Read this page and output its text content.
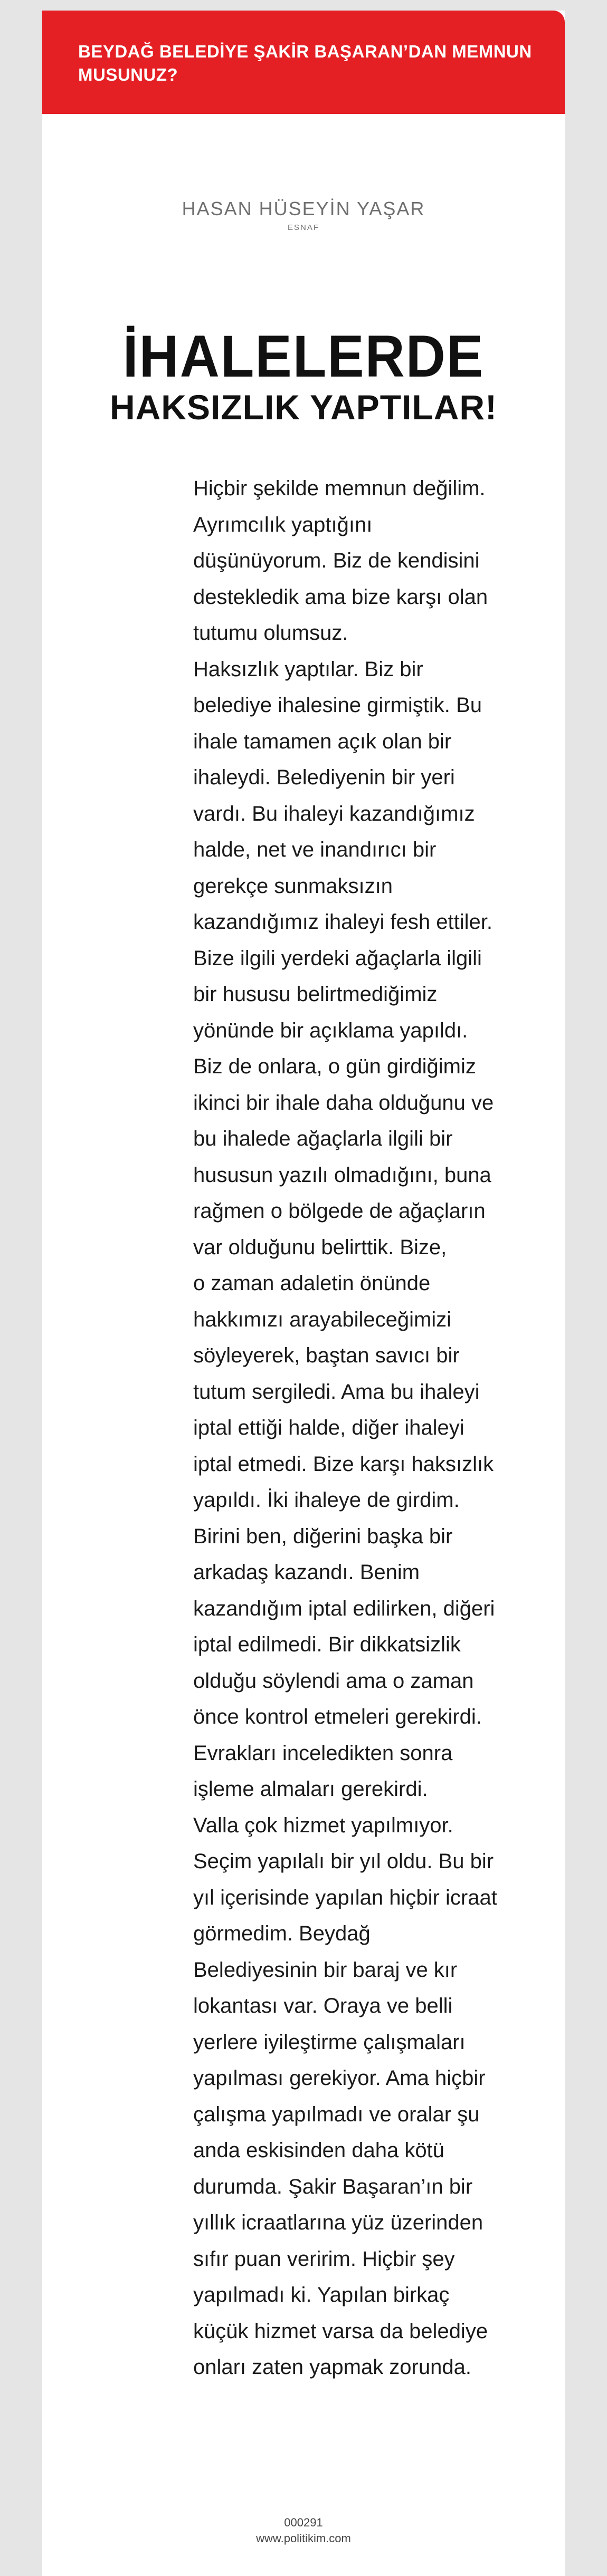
BEYDAĞ BELEDİYE ŞAKİR BAŞARAN’DAN MEMNUN MUSUNUZ?
HASAN HÜSEYİN YAŞAR
ESNAF
İHALELERDE
HAKSIZLIK YAPTILAR!

Hiçbir şekilde memnun değilim. Ayrımcılık yaptığını düşünüyorum. Biz de kendisini destekledik ama bize karşı olan tutumu olumsuz.

Haksızlık yaptılar. Biz bir belediye ihalesine girmiştik. Bu ihale tamamen açık olan bir ihaleydi. Belediyenin bir yeri vardı. Bu ihaleyi kazandığımız halde, net ve inandırıcı bir gerekçe sunmaksızın kazandığımız ihaleyi fesh ettiler. Bize ilgili yerdeki ağaçlarla ilgili bir hususu belirtmediğimiz yönünde bir açıklama yapıldı. Biz de onlara, o gün girdiğimiz ikinci bir ihale daha olduğunu ve bu ihalede ağaçlarla ilgili bir hususun yazılı olmadığını, buna rağmen o bölgede de ağaçların var olduğunu belirttik. Bize,

o zaman adaletin önünde hakkımızı arayabileceğimizi söyleyerek, baştan savıcı bir tutum sergiledi. Ama bu ihaleyi iptal ettiği halde, diğer ihaleyi iptal etmedi. Bize karşı haksızlık yapıldı. İki ihaleye de girdim. Birini ben, diğerini başka bir arkadaş kazandı. Benim kazandığım iptal edilirken, diğeri iptal edilmedi. Bir dikkatsizlik olduğu söylendi ama o zaman önce kontrol etmeleri gerekirdi. Evrakları inceledikten sonra işleme almaları gerekirdi.

Valla çok hizmet yapılmıyor. Seçim yapılalı bir yıl oldu. Bu bir yıl içerisinde yapılan hiçbir icraat görmedim. Beydağ Belediyesinin bir baraj ve kır lokantası var. Oraya ve belli yerlere iyileştirme çalışmaları yapılması gerekiyor. Ama hiçbir çalışma yapılmadı ve oralar şu anda eskisinden daha kötü durumda. Şakir Başaran’ın bir yıllık icraatlarına yüz üzerinden sıfır puan veririm. Hiçbir şey yapılmadı ki. Yapılan birkaç küçük hizmet varsa da belediye onları zaten yapmak zorunda.

000291
www.politikim.com
